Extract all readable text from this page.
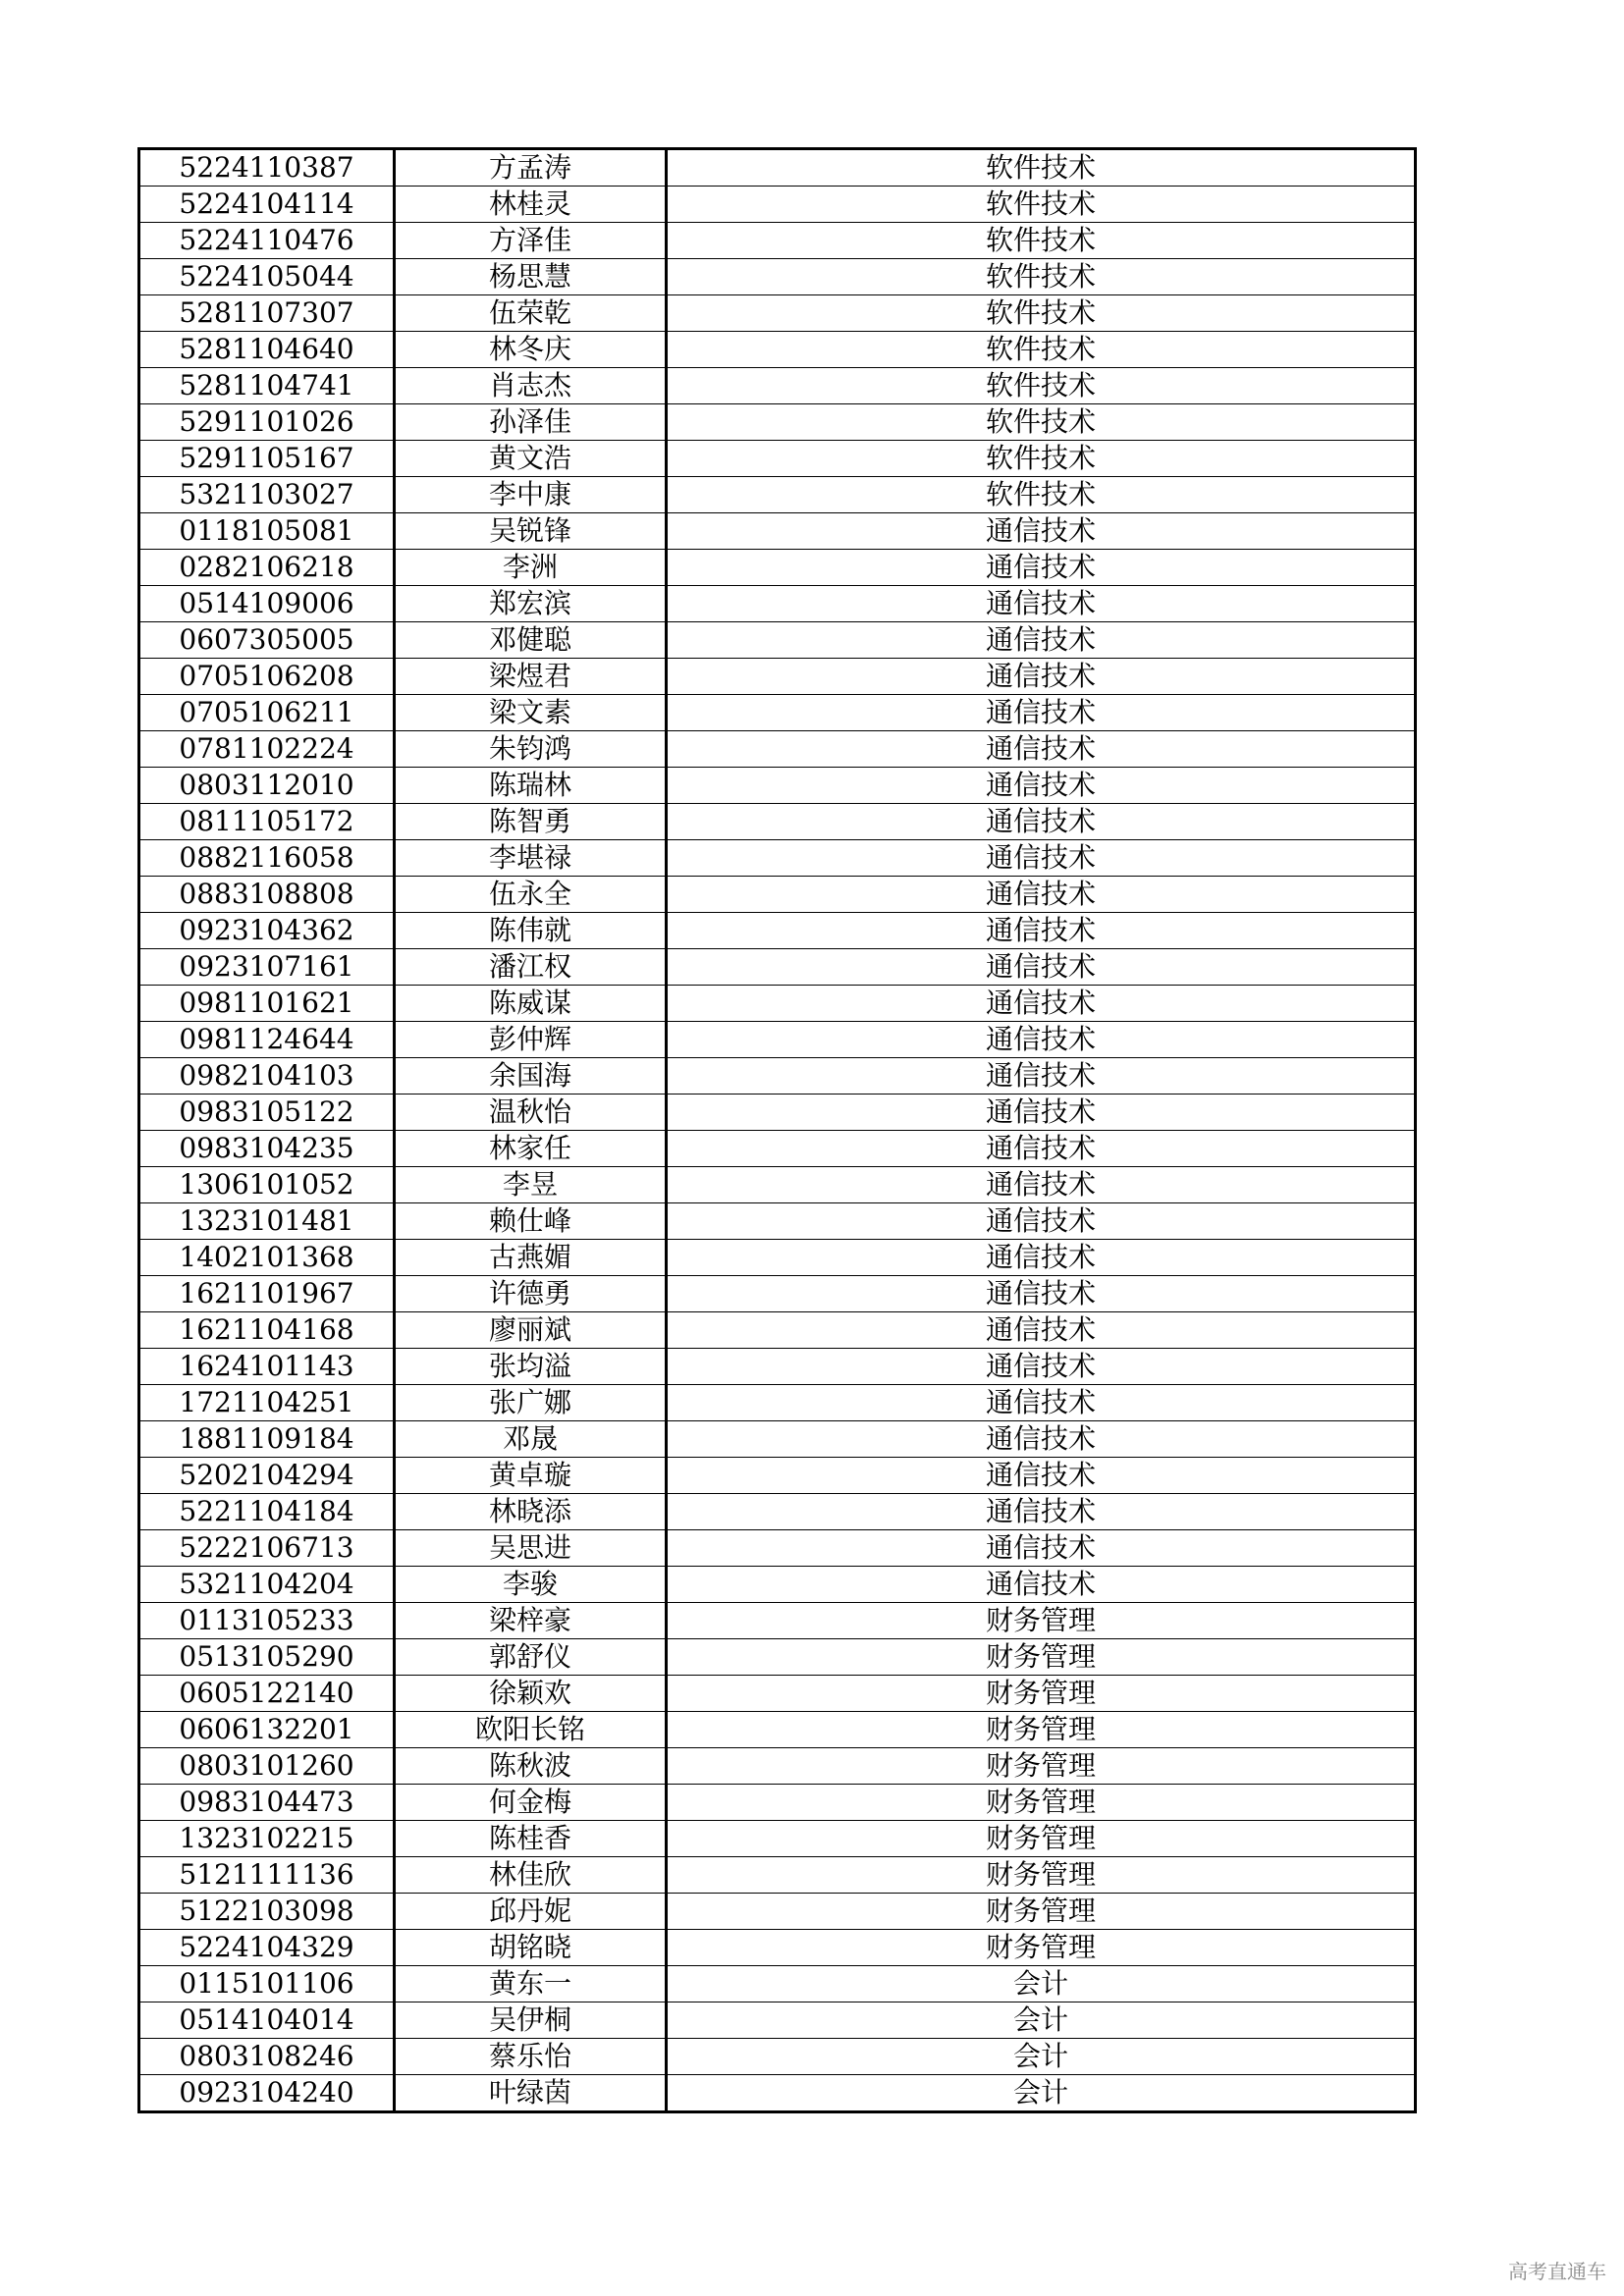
5224110387	方孟涛	软件技术
5224104114	林桂灵	软件技术
5224110476	方泽佳	软件技术
5224105044	杨思慧	软件技术
5281107307	伍荣乾	软件技术
5281104640	林冬庆	软件技术
5281104741	肖志杰	软件技术
5291101026	孙泽佳	软件技术
5291105167	黄文浩	软件技术
5321103027	李中康	软件技术
0118105081	吴锐锋	通信技术
0282106218	李洲	通信技术
0514109006	郑宏滨	通信技术
0607305005	邓健聪	通信技术
0705106208	梁煜君	通信技术
0705106211	梁文素	通信技术
0781102224	朱钧鸿	通信技术
0803112010	陈瑞林	通信技术
0811105172	陈智勇	通信技术
0882116058	李堪禄	通信技术
0883108808	伍永全	通信技术
0923104362	陈伟就	通信技术
0923107161	潘江权	通信技术
0981101621	陈威谋	通信技术
0981124644	彭仲辉	通信技术
0982104103	余国海	通信技术
0983105122	温秋怡	通信技术
0983104235	林家任	通信技术
1306101052	李昱	通信技术
1323101481	赖仕峰	通信技术
1402101368	古燕媚	通信技术
1621101967	许德勇	通信技术
1621104168	廖丽斌	通信技术
1624101143	张均溢	通信技术
1721104251	张广娜	通信技术
1881109184	邓晟	通信技术
5202104294	黄卓璇	通信技术
5221104184	林晓添	通信技术
5222106713	吴思进	通信技术
5321104204	李骏	通信技术
0113105233	梁梓豪	财务管理
0513105290	郭舒仪	财务管理
0605122140	徐颖欢	财务管理
0606132201	欧阳长铭	财务管理
0803101260	陈秋波	财务管理
0983104473	何金梅	财务管理
1323102215	陈桂香	财务管理
5121111136	林佳欣	财务管理
5122103098	邱丹妮	财务管理
5224104329	胡铭晓	财务管理
0115101106	黄东一	会计
0514104014	吴伊桐	会计
0803108246	蔡乐怡	会计
0923104240	叶绿茵	会计
高考直通车
